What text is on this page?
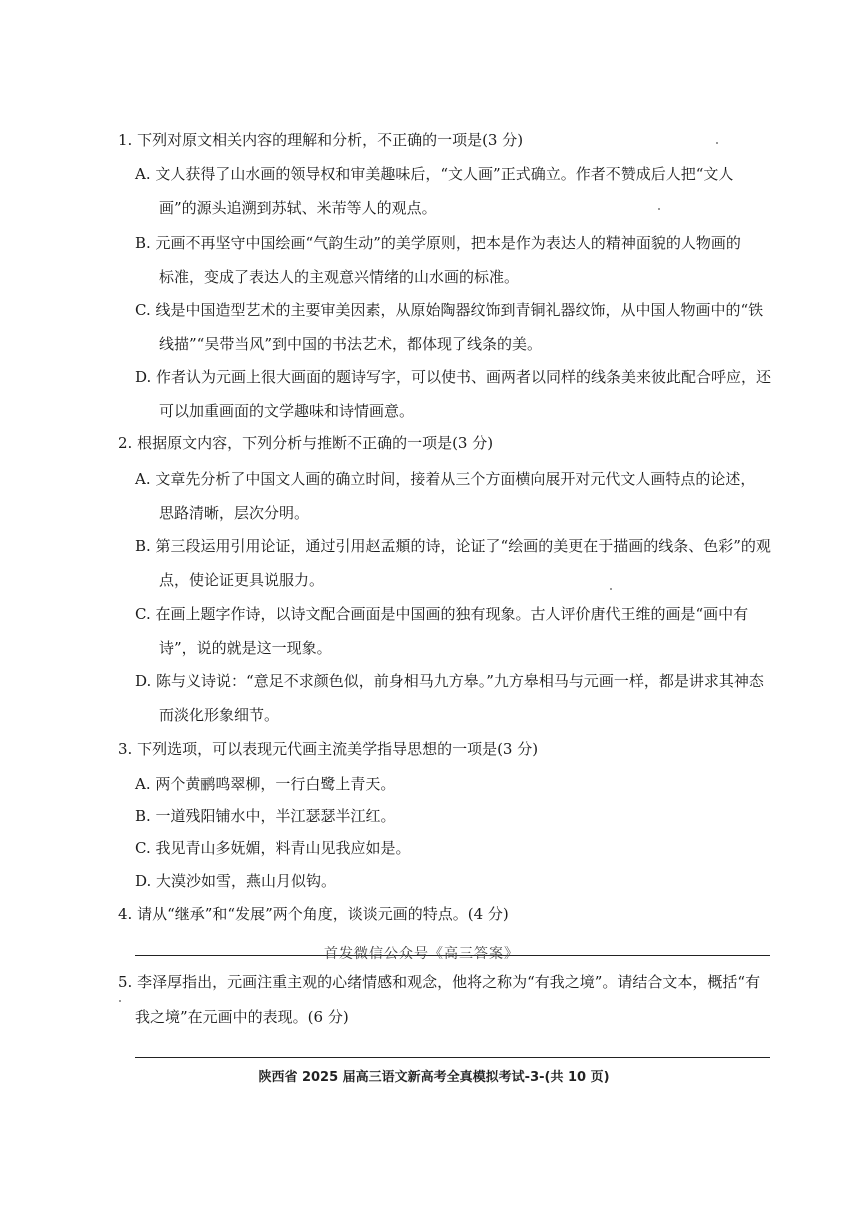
1. 下列对原文相关内容的理解和分析，不正确的一项是(3 分)
A. 文人获得了山水画的领导权和审美趣味后，“文人画”正式确立。作者不赞成后人把“文人
画”的源头追溯到苏轼、米芾等人的观点。
B. 元画不再坚守中国绘画“气韵生动”的美学原则，把本是作为表达人的精神面貌的人物画的
标准，变成了表达人的主观意兴情绪的山水画的标准。
C. 线是中国造型艺术的主要审美因素，从原始陶器纹饰到青铜礼器纹饰，从中国人物画中的“铁
线描”“吴带当风”到中国的书法艺术，都体现了线条的美。
D. 作者认为元画上很大画面的题诗写字，可以使书、画两者以同样的线条美来彼此配合呼应，还
可以加重画面的文学趣味和诗情画意。
2. 根据原文内容，下列分析与推断不正确的一项是(3 分)
A. 文章先分析了中国文人画的确立时间，接着从三个方面横向展开对元代文人画特点的论述，
思路清晰，层次分明。
B. 第三段运用引用论证，通过引用赵孟頫的诗，论证了“绘画的美更在于描画的线条、色彩”的观
点，使论证更具说服力。
C. 在画上题字作诗，以诗文配合画面是中国画的独有现象。古人评价唐代王维的画是“画中有
诗”，说的就是这一现象。
D. 陈与义诗说：“意足不求颜色似，前身相马九方皋。”九方皋相马与元画一样，都是讲求其神态
而淡化形象细节。
3. 下列选项，可以表现元代画主流美学指导思想的一项是(3 分)
A. 两个黄鹂鸣翠柳，一行白鹭上青天。
B. 一道残阳铺水中，半江瑟瑟半江红。
C. 我见青山多妩媚，料青山见我应如是。
D. 大漠沙如雪，燕山月似钩。
4. 请从“继承”和“发展”两个角度，谈谈元画的特点。(4 分)
首发微信公众号《高三答案》
5. 李泽厚指出，元画注重主观的心绪情感和观念，他将之称为“有我之境”。请结合文本，概括“有
我之境”在元画中的表现。(6 分)
陕西省 2025 届高三语文新高考全真模拟考试-3-(共 10 页)
